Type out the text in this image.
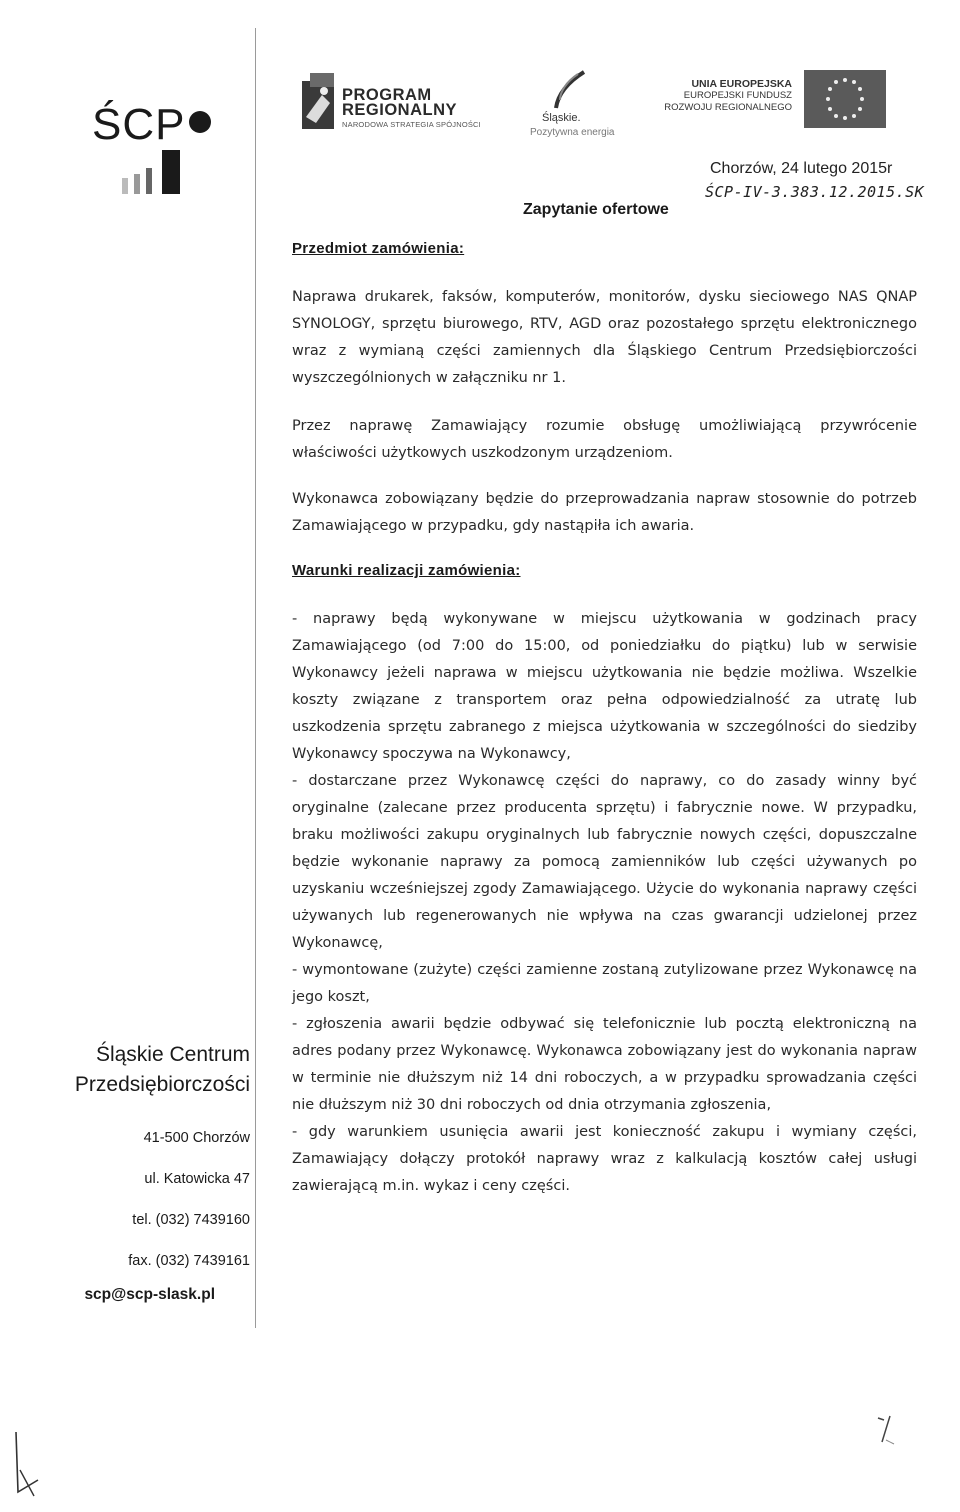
ŚCP
PROGRAM
REGIONALNY
NARODOWA STRATEGIA SPÓJNOŚCI
Śląskie.
Pozytywna energia
UNIA EUROPEJSKA
EUROPEJSKI FUNDUSZ
ROZWOJU REGIONALNEGO
Chorzów, 24 lutego 2015r
ŚCP-IV-3.383.12.2015.SK
Zapytanie ofertowe
Przedmiot zamówienia:

Naprawa drukarek, faksów, komputerów, monitorów, dysku sieciowego NAS QNAP SYNOLOGY, sprzętu biurowego, RTV, AGD oraz pozostałego sprzętu elektronicznego wraz z wymianą części zamiennych dla Śląskiego Centrum Przedsiębiorczości wyszczególnionych w załączniku nr 1.

Przez naprawę Zamawiający rozumie obsługę umożliwiającą przywrócenie właściwości użytkowych uszkodzonym urządzeniom.

Wykonawca zobowiązany będzie do przeprowadzania napraw stosownie do potrzeb Zamawiającego w przypadku, gdy nastąpiła ich awaria.

Warunki realizacji zamówienia:

- naprawy będą wykonywane w miejscu użytkowania w godzinach pracy Zamawiającego (od 7:00 do 15:00, od poniedziałku do piątku) lub w serwisie Wykonawcy jeżeli naprawa w miejscu użytkowania nie będzie możliwa. Wszelkie koszty związane z transportem oraz pełna odpowiedzialność za utratę lub uszkodzenia sprzętu zabranego z miejsca użytkowania w szczególności do siedziby Wykonawcy spoczywa na Wykonawcy,

- dostarczane przez Wykonawcę części do naprawy, co do zasady winny być oryginalne (zalecane przez producenta sprzętu) i fabrycznie nowe. W przypadku, braku możliwości zakupu oryginalnych lub fabrycznie nowych części, dopuszczalne będzie wykonanie naprawy za pomocą zamienników lub części używanych po uzyskaniu wcześniejszej zgody Zamawiającego. Użycie do wykonania naprawy części używanych lub regenerowanych nie wpływa na czas gwarancji udzielonej przez Wykonawcę,

- wymontowane (zużyte) części zamienne zostaną zutylizowane przez Wykonawcę na jego koszt,

- zgłoszenia awarii będzie odbywać się telefonicznie lub pocztą elektroniczną na adres podany przez Wykonawcę. Wykonawca zobowiązany jest do wykonania napraw w terminie nie dłuższym niż 14 dni roboczych, a w przypadku sprowadzania części nie dłuższym niż 30 dni roboczych od dnia otrzymania zgłoszenia,

- gdy warunkiem usunięcia awarii jest konieczność zakupu i wymiany części, Zamawiający dołączy protokół naprawy wraz z kalkulacją kosztów całej usługi zawierającą m.in. wykaz i ceny części.

Śląskie Centrum
Przedsiębiorczości
41-500 Chorzów
ul. Katowicka 47
tel. (032) 7439160
fax. (032) 7439161
scp@scp-slask.pl
